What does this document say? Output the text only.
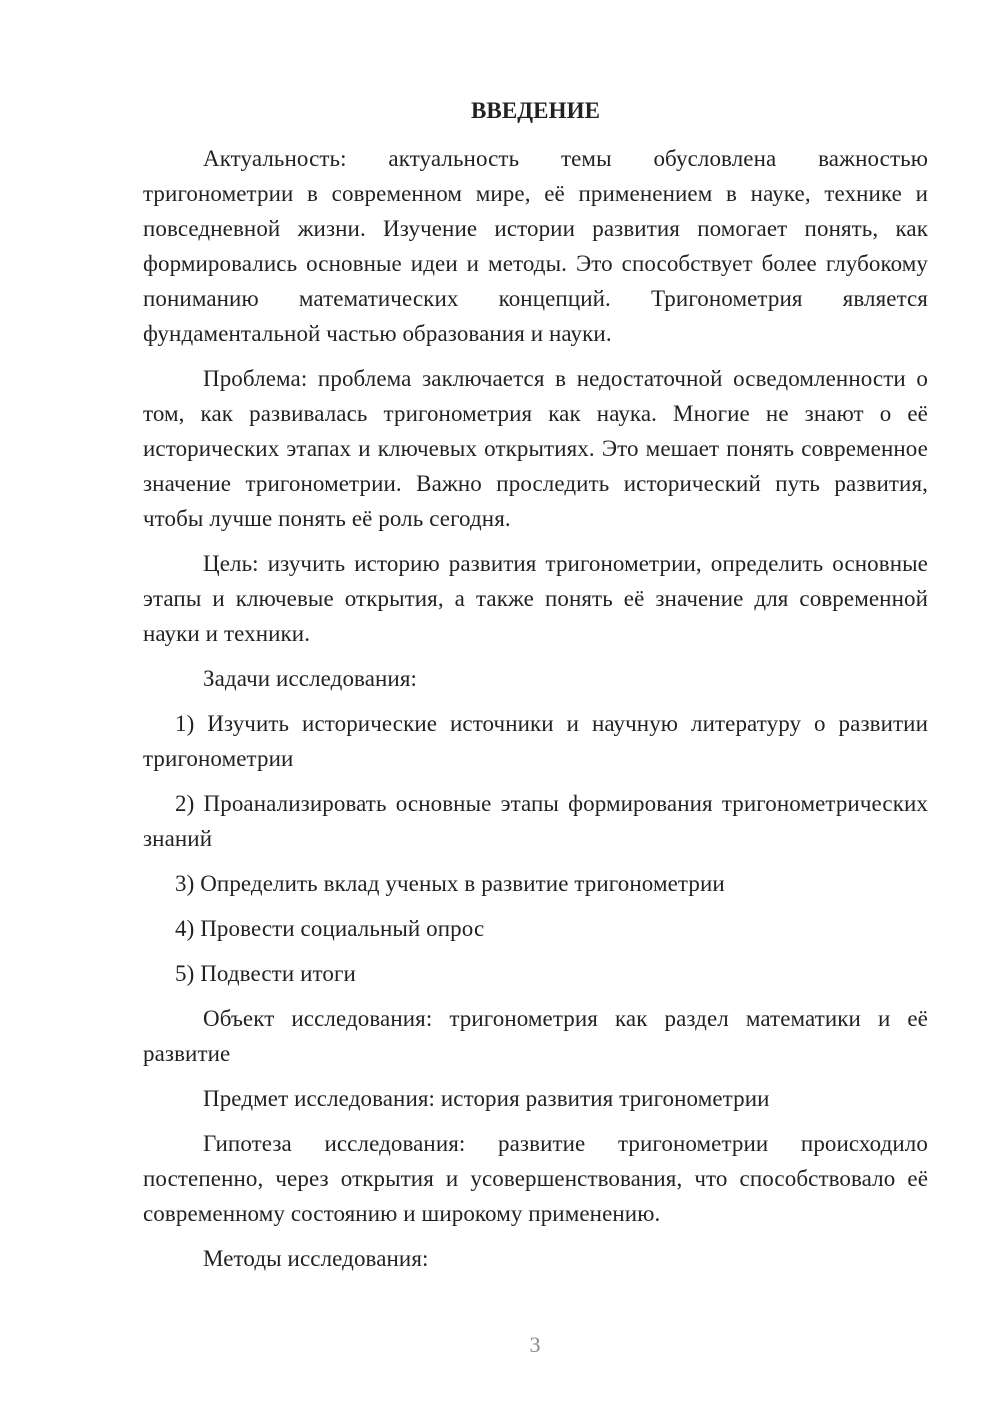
ВВЕДЕНИЕ

Актуальность: актуальность темы обусловлена важностью тригонометрии в современном мире, её применением в науке, технике и повседневной жизни. Изучение истории развития помогает понять, как формировались основные идеи и методы. Это способствует более глубокому пониманию математических концепций. Тригонометрия является фундаментальной частью образования и науки.

Проблема: проблема заключается в недостаточной осведомленности о том, как развивалась тригонометрия как наука. Многие не знают о её исторических этапах и ключевых открытиях. Это мешает понять современное значение тригонометрии. Важно проследить исторический путь развития, чтобы лучше понять её роль сегодня.

Цель: изучить историю развития тригонометрии, определить основные этапы и ключевые открытия, а также понять её значение для современной науки и техники.

Задачи исследования:

1) Изучить исторические источники и научную литературу о развитии тригонометрии

2) Проанализировать основные этапы формирования тригонометрических знаний

3) Определить вклад ученых в развитие тригонометрии

4) Провести социальный опрос

5) Подвести итоги

Объект исследования: тригонометрия как раздел математики и её развитие

Предмет исследования: история развития тригонометрии

Гипотеза исследования: развитие тригонометрии происходило постепенно, через открытия и усовершенствования, что способствовало её современному состоянию и широкому применению.

Методы исследования:

3
